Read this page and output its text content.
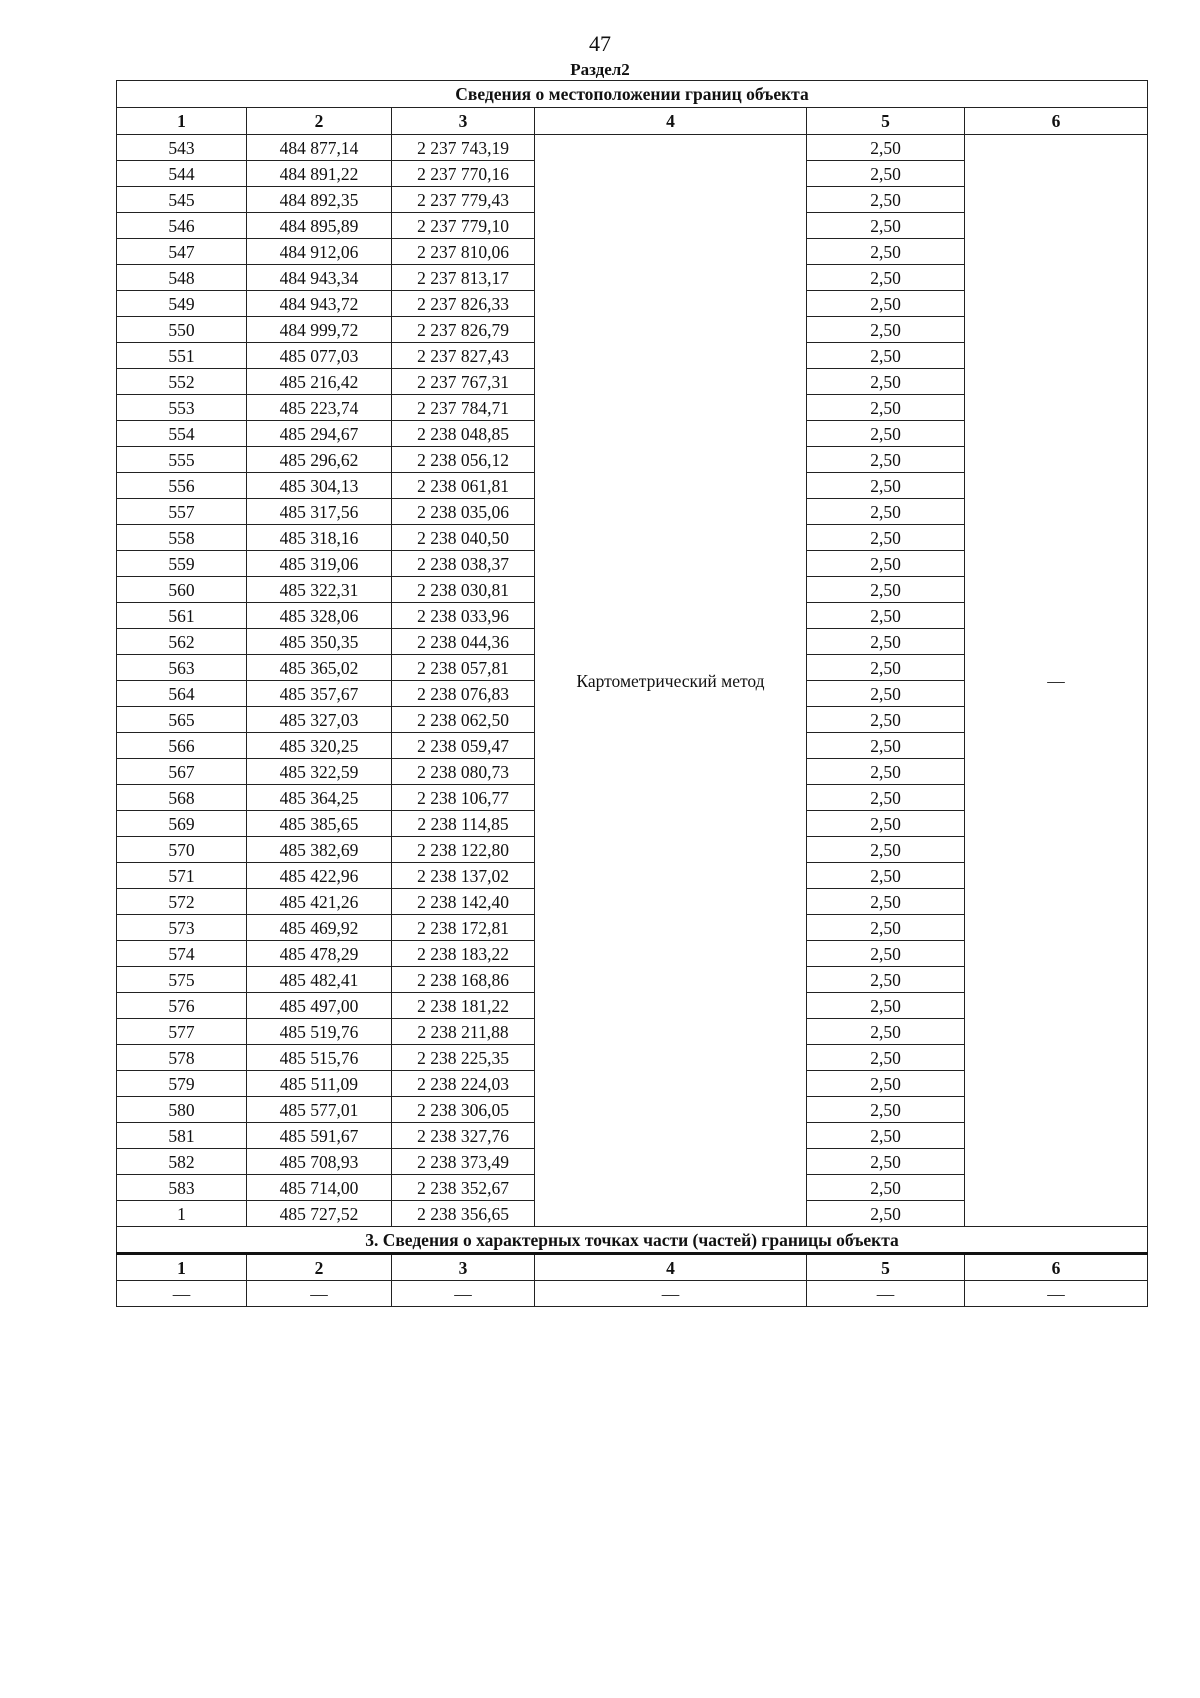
47
Раздел2
Сведения о местоположении границ объекта					
1	2	3	4	5	6
543	484 877,14	2 237 743,19	Картометрический метод	2,50	—
544	484 891,22	2 237 770,16		2,50	
545	484 892,35	2 237 779,43		2,50	
546	484 895,89	2 237 779,10		2,50	
547	484 912,06	2 237 810,06		2,50	
548	484 943,34	2 237 813,17		2,50	
549	484 943,72	2 237 826,33		2,50	
550	484 999,72	2 237 826,79		2,50	
551	485 077,03	2 237 827,43		2,50	
552	485 216,42	2 237 767,31		2,50	
553	485 223,74	2 237 784,71		2,50	
554	485 294,67	2 238 048,85		2,50	
555	485 296,62	2 238 056,12		2,50	
556	485 304,13	2 238 061,81		2,50	
557	485 317,56	2 238 035,06		2,50	
558	485 318,16	2 238 040,50		2,50	
559	485 319,06	2 238 038,37		2,50	
560	485 322,31	2 238 030,81		2,50	
561	485 328,06	2 238 033,96		2,50	
562	485 350,35	2 238 044,36		2,50	
563	485 365,02	2 238 057,81		2,50	
564	485 357,67	2 238 076,83		2,50	
565	485 327,03	2 238 062,50		2,50	
566	485 320,25	2 238 059,47		2,50	
567	485 322,59	2 238 080,73		2,50	
568	485 364,25	2 238 106,77		2,50	
569	485 385,65	2 238 114,85		2,50	
570	485 382,69	2 238 122,80		2,50	
571	485 422,96	2 238 137,02		2,50	
572	485 421,26	2 238 142,40		2,50	
573	485 469,92	2 238 172,81		2,50	
574	485 478,29	2 238 183,22		2,50	
575	485 482,41	2 238 168,86		2,50	
576	485 497,00	2 238 181,22		2,50	
577	485 519,76	2 238 211,88		2,50	
578	485 515,76	2 238 225,35		2,50	
579	485 511,09	2 238 224,03		2,50	
580	485 577,01	2 238 306,05		2,50	
581	485 591,67	2 238 327,76		2,50	
582	485 708,93	2 238 373,49		2,50	
583	485 714,00	2 238 352,67		2,50	
1	485 727,52	2 238 356,65		2,50	
3. Сведения о характерных точках части (частей) границы объекта					
1	2	3	4	5	6
—	—	—	—	—	—
